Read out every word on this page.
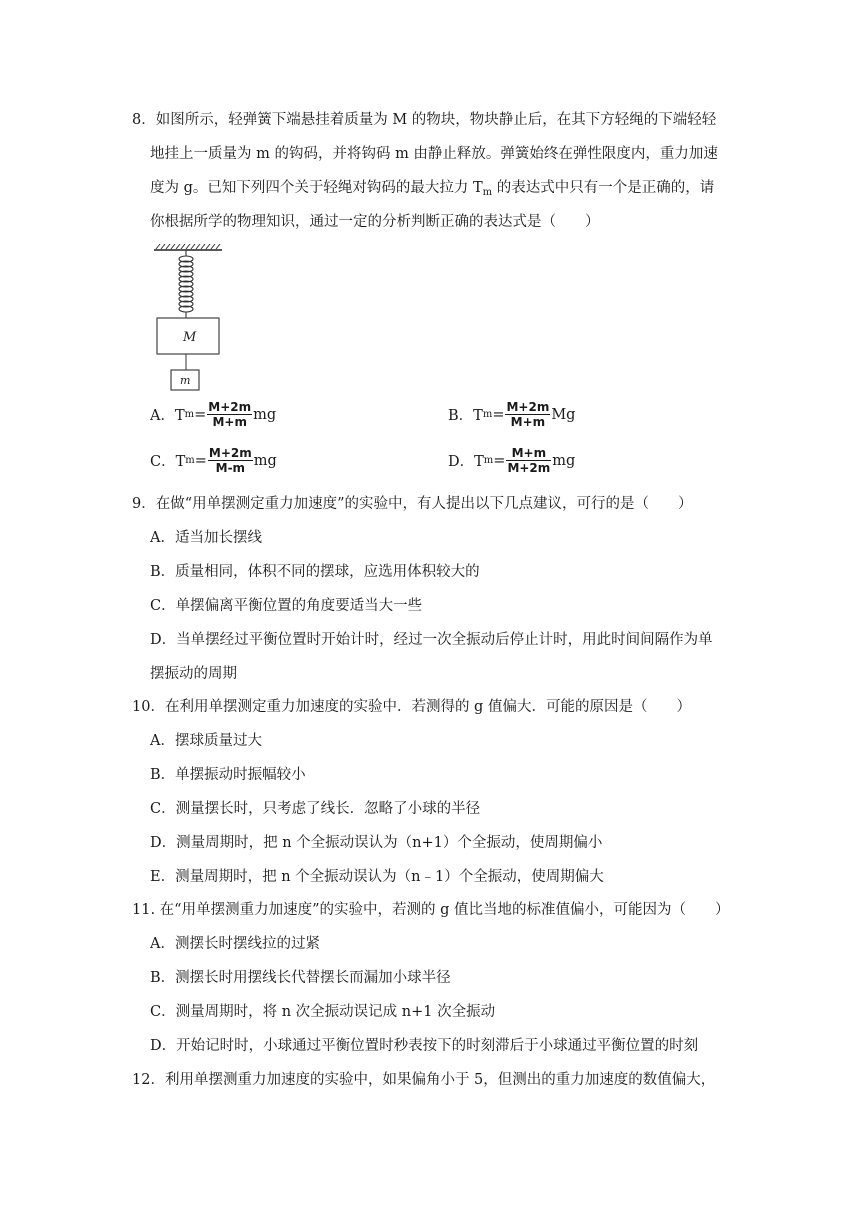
8．如图所示，轻弹簧下端悬挂着质量为 M 的物块，物块静止后，在其下方轻绳的下端轻轻
地挂上一质量为 m 的钩码，并将钩码 m 由静止释放。弹簧始终在弹性限度内，重力加速
度为 g。已知下列四个关于轻绳对钩码的最大拉力 $T_m$ 的表达式中只有一个是正确的，请
你根据所学的物理知识，通过一定的分析判断正确的表达式是（　　）
M
m
A．T $m = \frac{M+2m}{M+m}$ mg	B．T $m = \frac{M+2m}{M+m}$ Mg
C．T $m = \frac{M+2m}{M-m}$ mg	D．T $m = \frac{M+m}{M+2m}$ mg
9．在做“用单摆测定重力加速度”的实验中，有人提出以下几点建议，可行的是（　　）
A．适当加长摆线
B．质量相同，体积不同的摆球，应选用体积较大的
C．单摆偏离平衡位置的角度要适当大一些
D．当单摆经过平衡位置时开始计时，经过一次全振动后停止计时，用此时间间隔作为单
摆振动的周期
10．在利用单摆测定重力加速度的实验中．若测得的 g 值偏大．可能的原因是（　　）
A．摆球质量过大
B．单摆振动时振幅较小
C．测量摆长时，只考虑了线长．忽略了小球的半径
D．测量周期时，把 n 个全振动误认为（n+1）个全振动，使周期偏小
E．测量周期时，把 n 个全振动误认为（n﹣1）个全振动，使周期偏大
11. 在“用单摆测重力加速度”的实验中，若测的 g 值比当地的标准值偏小，可能因为（　　）
A．测摆长时摆线拉的过紧
B．测摆长时用摆线长代替摆长而漏加小球半径
C．测量周期时，将 n 次全振动误记成 n+1 次全振动
D．开始记时时，小球通过平衡位置时秒表按下的时刻滞后于小球通过平衡位置的时刻
12．利用单摆测重力加速度的实验中，如果偏角小于 5，但测出的重力加速度的数值偏大，
